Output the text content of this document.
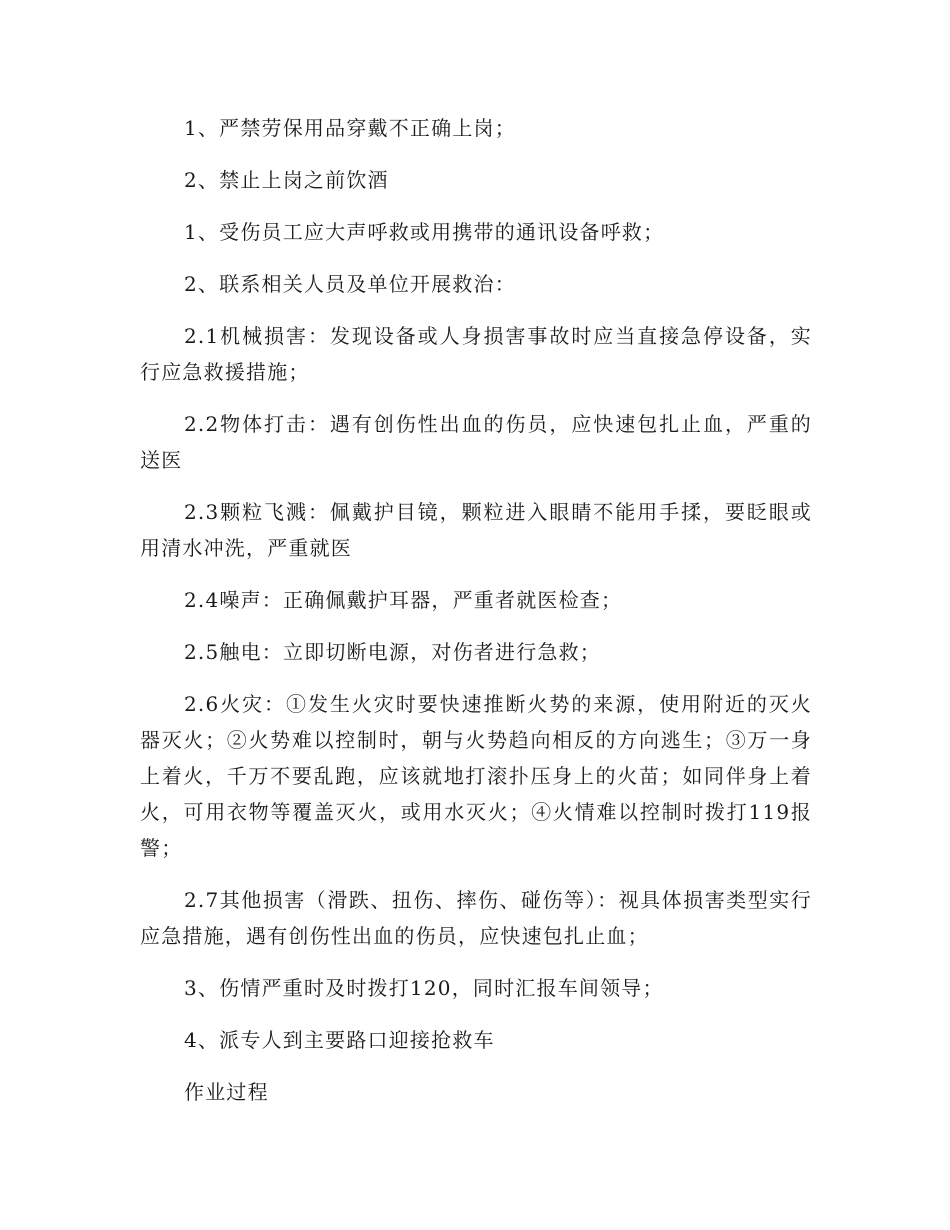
1、严禁劳保用品穿戴不正确上岗；

2、禁止上岗之前饮酒

1、受伤员工应大声呼救或用携带的通讯设备呼救；

2、联系相关人员及单位开展救治：

2.1机械损害：发现设备或人身损害事故时应当直接急停设备，实行应急救援措施；

2.2物体打击：遇有创伤性出血的伤员，应快速包扎止血，严重的送医

2.3颗粒飞溅：佩戴护目镜，颗粒进入眼睛不能用手揉，要眨眼或用清水冲洗，严重就医

2.4噪声：正确佩戴护耳器，严重者就医检查；

2.5触电：立即切断电源，对伤者进行急救；

2.6火灾：①发生火灾时要快速推断火势的来源，使用附近的灭火器灭火；②火势难以控制时，朝与火势趋向相反的方向逃生；③万一身上着火，千万不要乱跑，应该就地打滚扑压身上的火苗；如同伴身上着火，可用衣物等覆盖灭火，或用水灭火；④火情难以控制时拨打119报警；

2.7其他损害（滑跌、扭伤、摔伤、碰伤等）：视具体损害类型实行应急措施，遇有创伤性出血的伤员，应快速包扎止血；

3、伤情严重时及时拨打120，同时汇报车间领导；

4、派专人到主要路口迎接抢救车

作业过程
